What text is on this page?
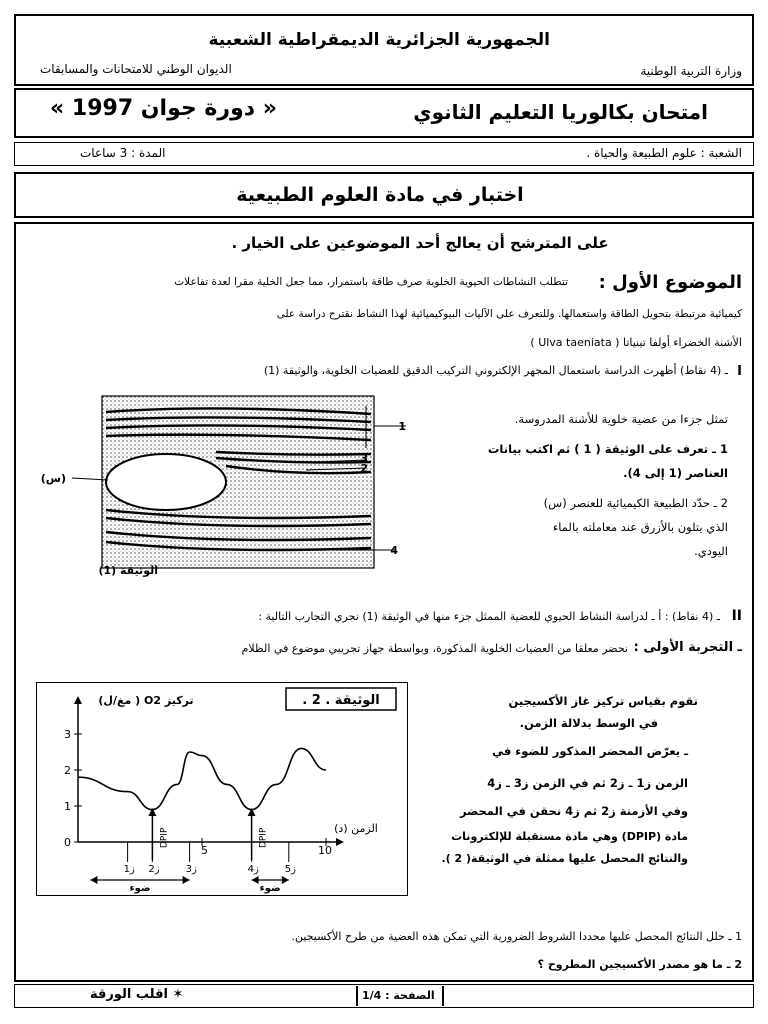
الجمهورية الجزائرية الديمقراطية الشعبية
وزارة التربية الوطنية
الديوان الوطني للامتحانات والمسابقات
امتحان بكالوريا التعليم الثانوي
« دورة جوان 1997 »
الشعبة : علوم الطبيعة والحياة .
المدة : 3 ساعات
اختبار في مادة العلوم الطبيعية
على المترشح أن يعالج أحد الموضوعين على الخيار .
الموضوع الأول :
تتطلب النشاطات الحيوية الخلوية صرف طاقة باستمرار، مما جعل الخلية مقرا لعدة تفاعلات
كيميائية مرتبطة بتحويل الطاقة واستعمالها. وللتعرف على الآليات البيوكيميائية لهذا النشاط نقترح دراسة على
الأشنة الخضراء أولفا تينياتا ( Ulva taeniata )
I
ـ (4 نقاط) أظهرت الدراسة باستعمال المجهر الإلكتروني التركيب الدقيق للعضيات الخلوية، والوثيقة (1)
1
2
3
4
(س)
الوثيقة (1)
تمثل جزءا من عضية خلوية للأشنة المدروسة.
1 ـ تعرف على الوثيقة ( 1 ) ثم اكتب بيانات
العناصر (1 إلى 4).
2 ـ حدّد الطبيعة الكيميائية للعنصر (س)
الذي يتلون بالأزرق عند معاملته بالماء
اليودي.
II
ـ (4 نقاط) : أ ـ لدراسة النشاط الحيوي للعضية الممثل جزء منها في الوثيقة (1) نجري التجارب التالية :
ـ التجربة الأولى :
نحضر معلقا من العضيات الخلوية المذكورة، وبواسطة جهاز تجريبي موضوع في الظلام
الوثيقة . 2 .
تركيز O2 ( مغ/ل)
الزمن (د)
0
1
2
3
5	10
ز1 ز2	ز3	ز4	ز5
DPIP	DPIP
ضوء	ضوء
نقوم بقياس تركيز غاز الأكسيجين
في الوسط بدلالة الزمن.
ـ يعرّض المحضر المذكور للضوء في
الزمن ز1 ـ ز2 ثم في الزمن ز3 ـ ز4
وفي الأزمنة ز2 ثم ز4 نحقن في المحضر
مادة (DPIP) وهي مادة مستقبلة للإلكترونات
والنتائج المحصل عليها ممثلة في الوثيقة( 2 ).
1 ـ حلل النتائج المحصل عليها محددا الشروط الضرورية التي تمكن هذه العضية من طرح الأكسيجين.
2 ـ ما هو مصدر الأكسيجين المطروح ؟
الصفحة : 1/4
✶ اقلب الورقة
